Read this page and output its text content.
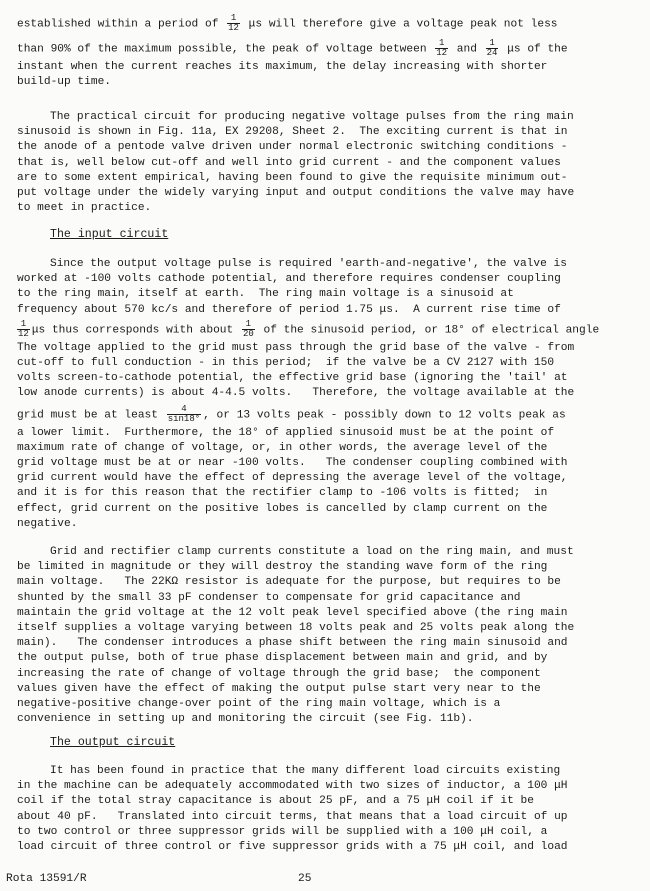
established within a period of $\frac{1}{12}$ μs will therefore give a voltage peak not less
than 90% of the maximum possible, the peak of voltage between $\frac{1}{12}$ and $\frac{1}{24}$ μs of the
instant when the current reaches its maximum, the delay increasing with shorter
build-up time.
The practical circuit for producing negative voltage pulses from the ring main
sinusoid is shown in Fig. 11a, EX 29208, Sheet 2.  The exciting current is that in
the anode of a pentode valve driven under normal electronic switching conditions -
that is, well below cut-off and well into grid current - and the component values
are to some extent empirical, having been found to give the requisite minimum out-
put voltage under the widely varying input and output conditions the valve may have
to meet in practice.
The input circuit
Since the output voltage pulse is required 'earth-and-negative', the valve is
worked at -100 volts cathode potential, and therefore requires condenser coupling
to the ring main, itself at earth.  The ring main voltage is a sinusoid at
frequency about 570 kc/s and therefore of period 1.75 μs.  A current rise time of
$\frac{1}{12}$ μs thus corresponds with about $\frac{1}{20}$ of the sinusoid period, or 18° of electrical angle
The voltage applied to the grid must pass through the grid base of the valve - from
cut-off to full conduction - in this period;  if the valve be a CV 2127 with 150
volts screen-to-cathode potential, the effective grid base (ignoring the 'tail' at
low anode currents) is about 4-4.5 volts.   Therefore, the voltage available at the
grid must be at least $\frac{4}{\sin 18^\circ}$ , or 13 volts peak - possibly down to 12 volts peak as
a lower limit.  Furthermore, the 18° of applied sinusoid must be at the point of
maximum rate of change of voltage, or, in other words, the average level of the
grid voltage must be at or near -100 volts.   The condenser coupling combined with
grid current would have the effect of depressing the average level of the voltage,
and it is for this reason that the rectifier clamp to -106 volts is fitted;  in
effect, grid current on the positive lobes is cancelled by clamp current on the
negative.
Grid and rectifier clamp currents constitute a load on the ring main, and must
be limited in magnitude or they will destroy the standing wave form of the ring
main voltage.   The 22KΩ resistor is adequate for the purpose, but requires to be
shunted by the small 33 pF condenser to compensate for grid capacitance and
maintain the grid voltage at the 12 volt peak level specified above (the ring main
itself supplies a voltage varying between 18 volts peak and 25 volts peak along the
main).   The condenser introduces a phase shift between the ring main sinusoid and
the output pulse, both of true phase displacement between main and grid, and by
increasing the rate of change of voltage through the grid base;  the component
values given have the effect of making the output pulse start very near to the
negative-positive change-over point of the ring main voltage, which is a
convenience in setting up and monitoring the circuit (see Fig. 11b).
The output circuit
It has been found in practice that the many different load circuits existing
in the machine can be adequately accommodated with two sizes of inductor, a 100 μH
coil if the total stray capacitance is about 25 pF, and a 75 μH coil if it be
about 40 pF.   Translated into circuit terms, that means that a load circuit of up
to two control or three suppressor grids will be supplied with a 100 μH coil, a
load circuit of three control or five suppressor grids with a 75 μH coil, and load
Rota 13591/R	25
